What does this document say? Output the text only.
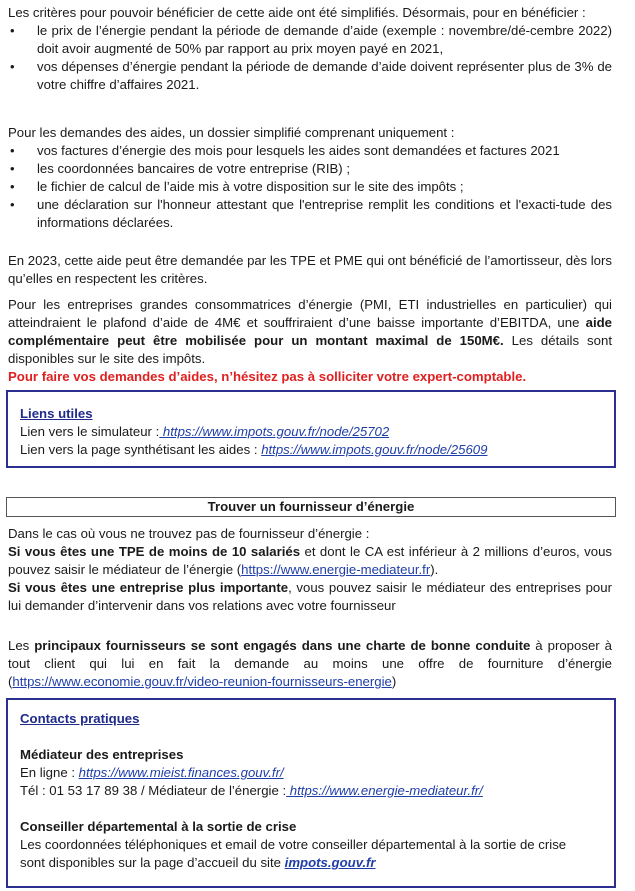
Les critères pour pouvoir bénéficier de cette aide ont été simplifiés. Désormais, pour en bénéficier :

• le prix de l’énergie pendant la période de demande d’aide (exemple : novembre/dé-cembre 2022) doit avoir augmenté de 50% par rapport au prix moyen payé en 2021,
• vos dépenses d’énergie pendant la période de demande d’aide doivent représenter plus de 3% de votre chiffre d’affaires 2021.

Pour les demandes des aides, un dossier simplifié comprenant uniquement :

• vos factures d’énergie des mois pour lesquels les aides sont demandées et factures 2021
• les coordonnées bancaires de votre entreprise (RIB) ;
• le fichier de calcul de l’aide mis à votre disposition sur le site des impôts ;
• une déclaration sur l'honneur attestant que l'entreprise remplit les conditions et l'exacti-tude des informations déclarées.

En 2023, cette aide peut être demandée par les TPE et PME qui ont bénéficié de l’amortisseur, dès lors qu’elles en respectent les critères.

Pour les entreprises grandes consommatrices d’énergie (PMI, ETI industrielles en particulier) qui atteindraient le plafond d’aide de 4M€ et souffriraient d’une baisse importante d’EBITDA, une aide complémentaire peut être mobilisée pour un montant maximal de 150M€. Les détails sont disponibles sur le site des impôts.

Pour faire vos demandes d’aides, n’hésitez pas à solliciter votre expert-comptable.

Liens utiles

Lien vers le simulateur : https://www.impots.gouv.fr/node/25702

Lien vers la page synthétisant les aides : https://www.impots.gouv.fr/node/25609

Trouver un fournisseur d’énergie

Dans le cas où vous ne trouvez pas de fournisseur d’énergie :

Si vous êtes une TPE de moins de 10 salariés et dont le CA est inférieur à 2 millions d’euros, vous pouvez saisir le médiateur de l’énergie (https://www.energie-mediateur.fr).

Si vous êtes une entreprise plus importante, vous pouvez saisir le médiateur des entreprises pour lui demander d’intervenir dans vos relations avec votre fournisseur

Les principaux fournisseurs se sont engagés dans une charte de bonne conduite à proposer à tout client qui lui en fait la demande au moins une offre de fourniture d’énergie (https://www.economie.gouv.fr/video-reunion-fournisseurs-energie)

Contacts pratiques

Médiateur des entreprises

En ligne : https://www.mieist.finances.gouv.fr/

Tél : 01 53 17 89 38 / Médiateur de l’énergie : https://www.energie-mediateur.fr/

Conseiller départemental à la sortie de crise

Les coordonnées téléphoniques et email de votre conseiller départemental à la sortie de crise sont disponibles sur la page d’accueil du site impots.gouv.fr
